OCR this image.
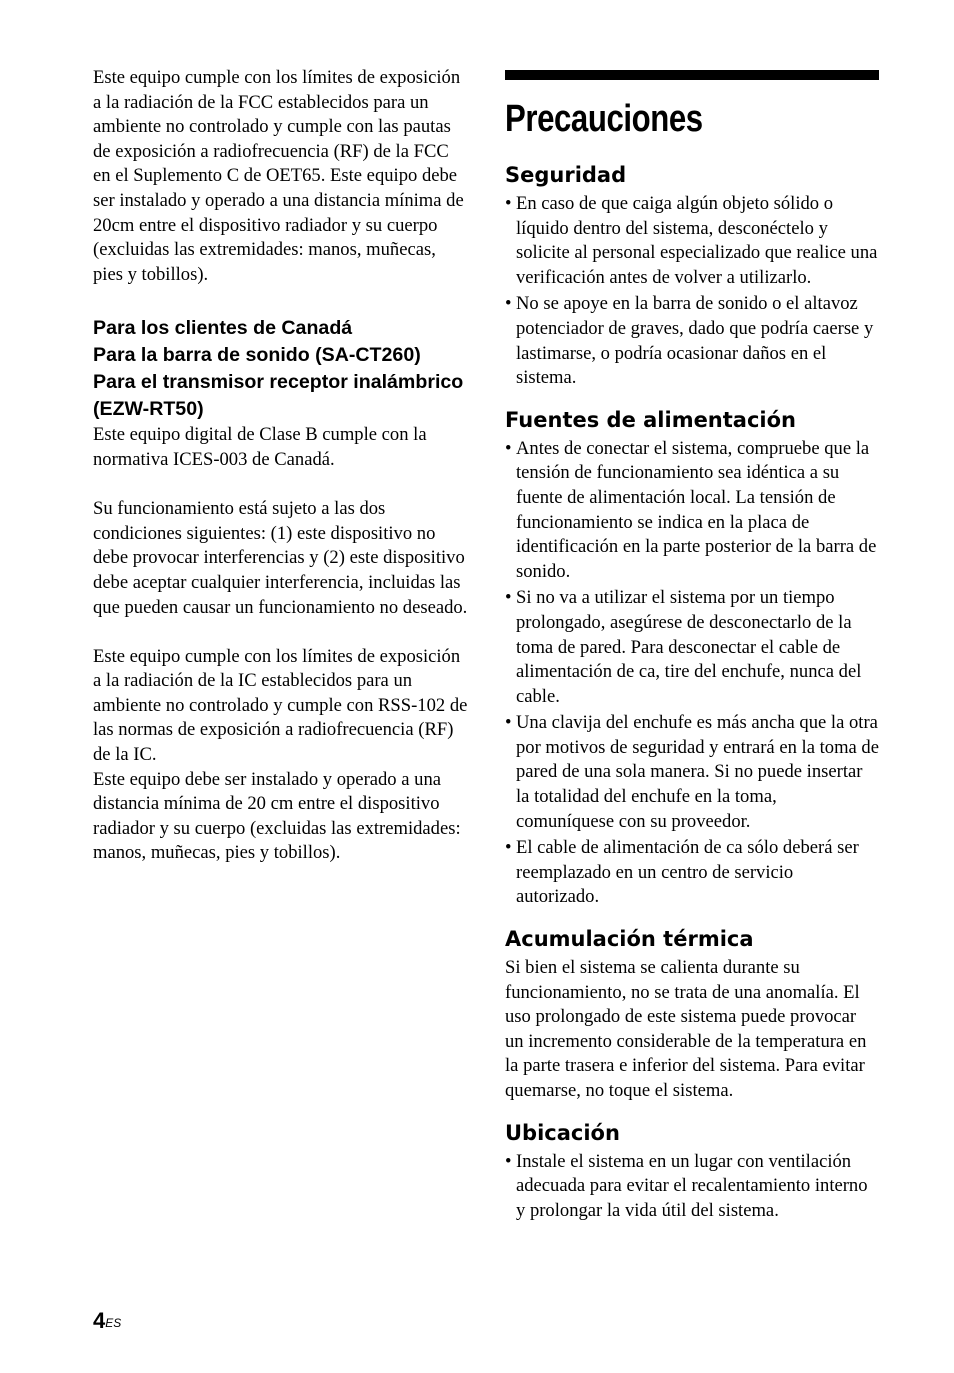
Este equipo cumple con los límites de exposición a la radiación de la FCC establecidos para un ambiente no controlado y cumple con las pautas de exposición a radiofrecuencia (RF) de la FCC en el Suplemento C de OET65. Este equipo debe ser instalado y operado a una distancia mínima de 20cm entre el dispositivo radiador y su cuerpo (excluidas las extremidades: manos, muñecas, pies y tobillos).

Para los clientes de Canadá
Para la barra de sonido (SA-CT260)
Para el transmisor receptor inalámbrico (EZW-RT50)

Este equipo digital de Clase B cumple con la normativa ICES-003 de Canadá.

Su funcionamiento está sujeto a las dos condiciones siguientes: (1) este dispositivo no debe provocar interferencias y (2) este dispositivo debe aceptar cualquier interferencia, incluidas las que pueden causar un funcionamiento no deseado.

Este equipo cumple con los límites de exposición a la radiación de la IC establecidos para un ambiente no controlado y cumple con RSS-102 de las normas de exposición a radiofrecuencia (RF) de la IC.

Este equipo debe ser instalado y operado a una distancia mínima de 20 cm entre el dispositivo radiador y su cuerpo (excluidas las extremidades: manos, muñecas, pies y tobillos).

Precauciones
Seguridad
• En caso de que caiga algún objeto sólido o líquido dentro del sistema, desconéctelo y solicite al personal especializado que realice una verificación antes de volver a utilizarlo.
• No se apoye en la barra de sonido o el altavoz potenciador de graves, dado que podría caerse y lastimarse, o podría ocasionar daños en el sistema.
Fuentes de alimentación
• Antes de conectar el sistema, compruebe que la tensión de funcionamiento sea idéntica a su fuente de alimentación local. La tensión de funcionamiento se indica en la placa de identificación en la parte posterior de la barra de sonido.
• Si no va a utilizar el sistema por un tiempo prolongado, asegúrese de desconectarlo de la toma de pared. Para desconectar el cable de alimentación de ca, tire del enchufe, nunca del cable.
• Una clavija del enchufe es más ancha que la otra por motivos de seguridad y entrará en la toma de pared de una sola manera. Si no puede insertar la totalidad del enchufe en la toma, comuníquese con su proveedor.
• El cable de alimentación de ca sólo deberá ser reemplazado en un centro de servicio autorizado.
Acumulación térmica

Si bien el sistema se calienta durante su funcionamiento, no se trata de una anomalía. El uso prolongado de este sistema puede provocar un incremento considerable de la temperatura en la parte trasera e inferior del sistema. Para evitar quemarse, no toque el sistema.

Ubicación
• Instale el sistema en un lugar con ventilación adecuada para evitar el recalentamiento interno y prolongar la vida útil del sistema.
$4^{ES}$
